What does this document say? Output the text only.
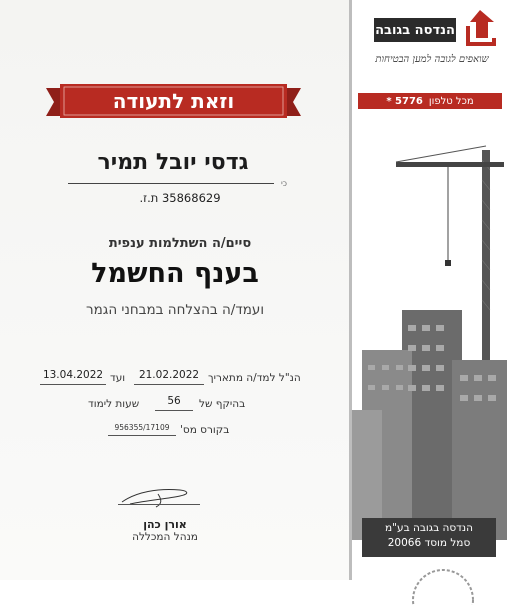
וזאת לתעודה
גדסי יובל תמיר
כי
35868629 ת.ז.
סיים/ה השתלמות ענפית
בענף החשמל
ועמד/ה בהצלחה במבחני הגמר
הנ"ל למד/ה מתאריך
21.02.2022
ועד
13.04.2022
בהיקף של
56
שעות לימוד
בקורס מס'
956355/17109
אורן כהן
מנהל המכללה
הנדסה בגובה
שואפים לגובה למען הבטיחות
מכל טלפון
5776 *
הנדסה בגובה בע"מ
סמל מוסד 20066
